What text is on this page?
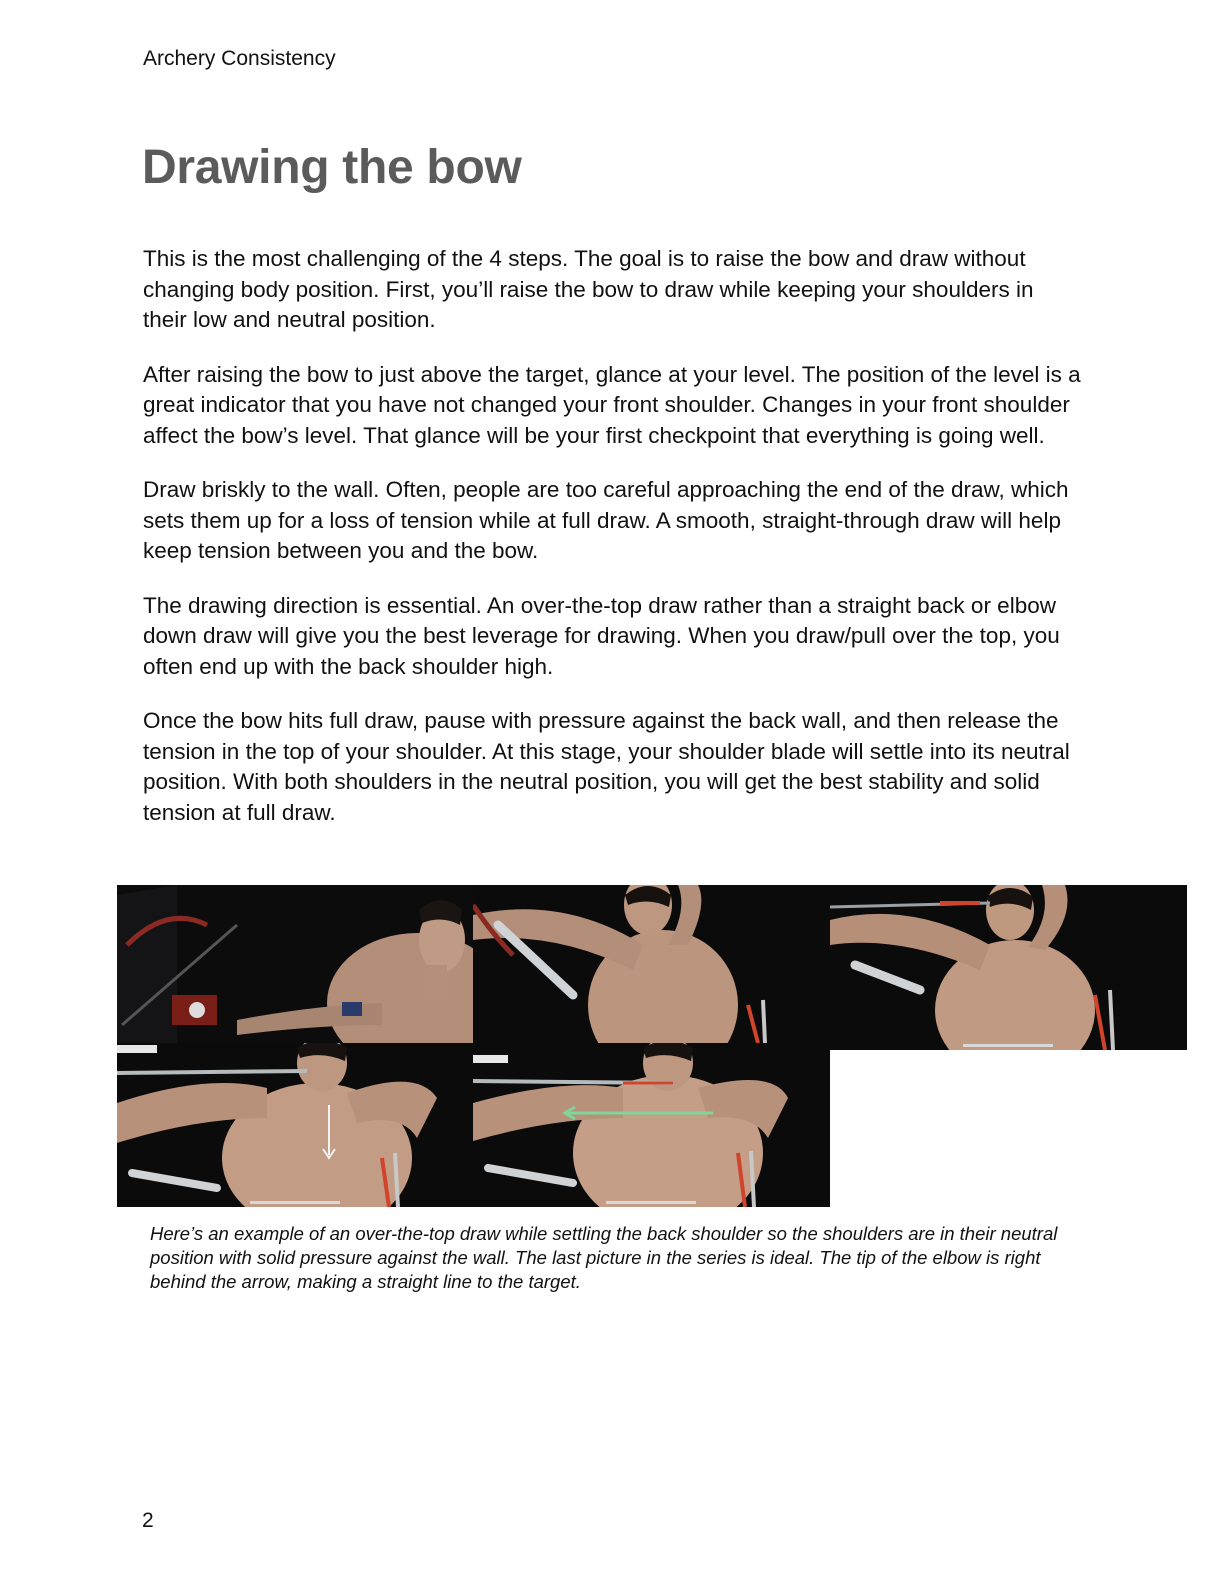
Archery Consistency
Drawing the bow

This is the most challenging of the 4 steps. The goal is to raise the bow and draw without changing body position. First, you’ll raise the bow to draw while keeping your shoulders in their low and neutral position.

After raising the bow to just above the target, glance at your level. The position of the level is a great indicator that you have not changed your front shoulder. Changes in your front shoulder affect the bow’s level. That glance will be your first checkpoint that everything is going well.

Draw briskly to the wall. Often, people are too careful approaching the end of the draw, which sets them up for a loss of tension while at full draw. A smooth, straight-through draw will help keep tension between you and the bow.

The drawing direction is essential. An over-the-top draw rather than a straight back or elbow down draw will give you the best leverage for drawing. When you draw/pull over the top, you often end up with the back shoulder high.

Once the bow hits full draw, pause with pressure against the back wall, and then release the tension in the top of your shoulder. At this stage, your shoulder blade will settle into its neutral position. With both shoulders in the neutral position, you will get the best stability and solid tension at full draw.

Here’s an example of an over-the-top draw while settling the back shoulder so the shoulders are in their neutral position with solid pressure against the wall. The last picture in the series is ideal. The tip of the elbow is right behind the arrow, making a straight line to the target.

2
